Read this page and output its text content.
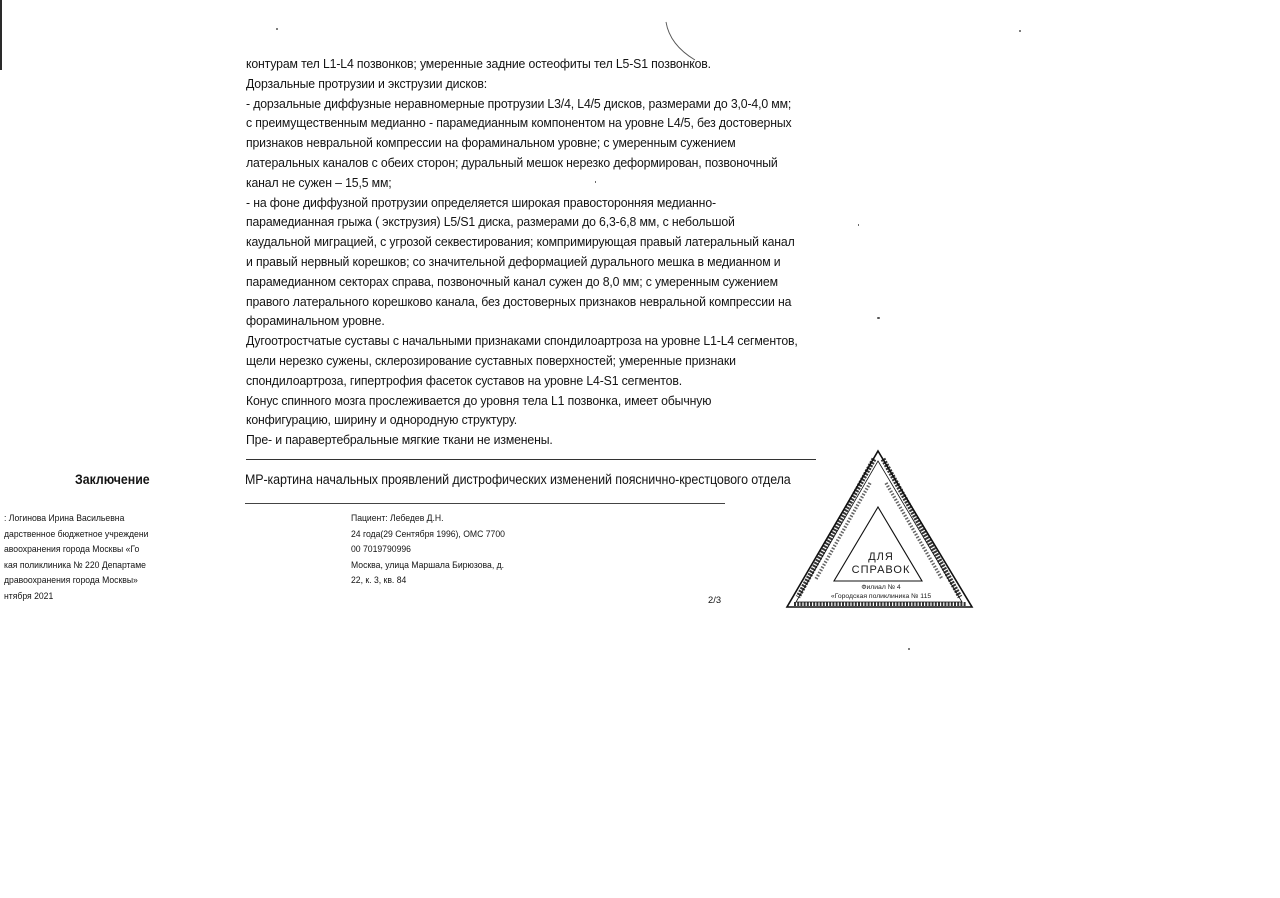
контурам тел L1-L4 позвонков; умеренные задние остеофиты тел L5-S1 позвонков.
Дорзальные протрузии и экструзии дисков:
- дорзальные диффузные неравномерные протрузии L3/4, L4/5 дисков, размерами до 3,0-4,0 мм;
с преимущественным медианно - парамедианным компонентом на уровне L4/5, без достоверных
признаков невральной компрессии на фораминальном уровне; с умеренным сужением
латеральных каналов с обеих сторон; дуральный мешок нерезко деформирован, позвоночный
канал не сужен – 15,5 мм;
- на фоне диффузной протрузии определяется широкая правосторонняя медианно-
парамедианная грыжа ( экструзия) L5/S1 диска, размерами до 6,3-6,8 мм, с небольшой
каудальной миграцией, с угрозой секвестирования; компримирующая правый латеральный канал
и правый нервный корешков; со значительной деформацией дурального мешка в медианном и
парамедианном секторах справа, позвоночный канал сужен до 8,0 мм; с умеренным сужением
правого латерального корешково канала, без достоверных признаков невральной компрессии на
фораминальном уровне.
Дугоотростчатые суставы с начальными признаками спондилоартроза на уровне L1-L4 сегментов,
щели нерезко сужены, склерозирование суставных поверхностей; умеренные признаки
спондилоартроза, гипертрофия фасеток суставов на уровне L4-S1 сегментов.
Конус спинного мозга прослеживается до уровня тела L1 позвонка, имеет обычную
конфигурацию, ширину и однородную структуру.
Пре- и паравертебральные мягкие ткани не изменены.
Заключение	МР-картина начальных проявлений дистрофических изменений пояснично-крестцового отдела
: Логинова Ирина Васильевна
дарственное бюджетное учреждени
авоохранения города Москвы «Го
кая поликлиника № 220 Департаме
дравоохранения города Москвы»
нтября 2021
Пациент: Лебедев Д.Н.
24 года(29 Сентября 1996), ОМС 7700
00 7019790996
Москва, улица Маршала Бирюзова, д.
22, к. 3, кв. 84
2/3
ДЛЯ
СПРАВОК
Филиал № 4
«Городская поликлиника № 115
